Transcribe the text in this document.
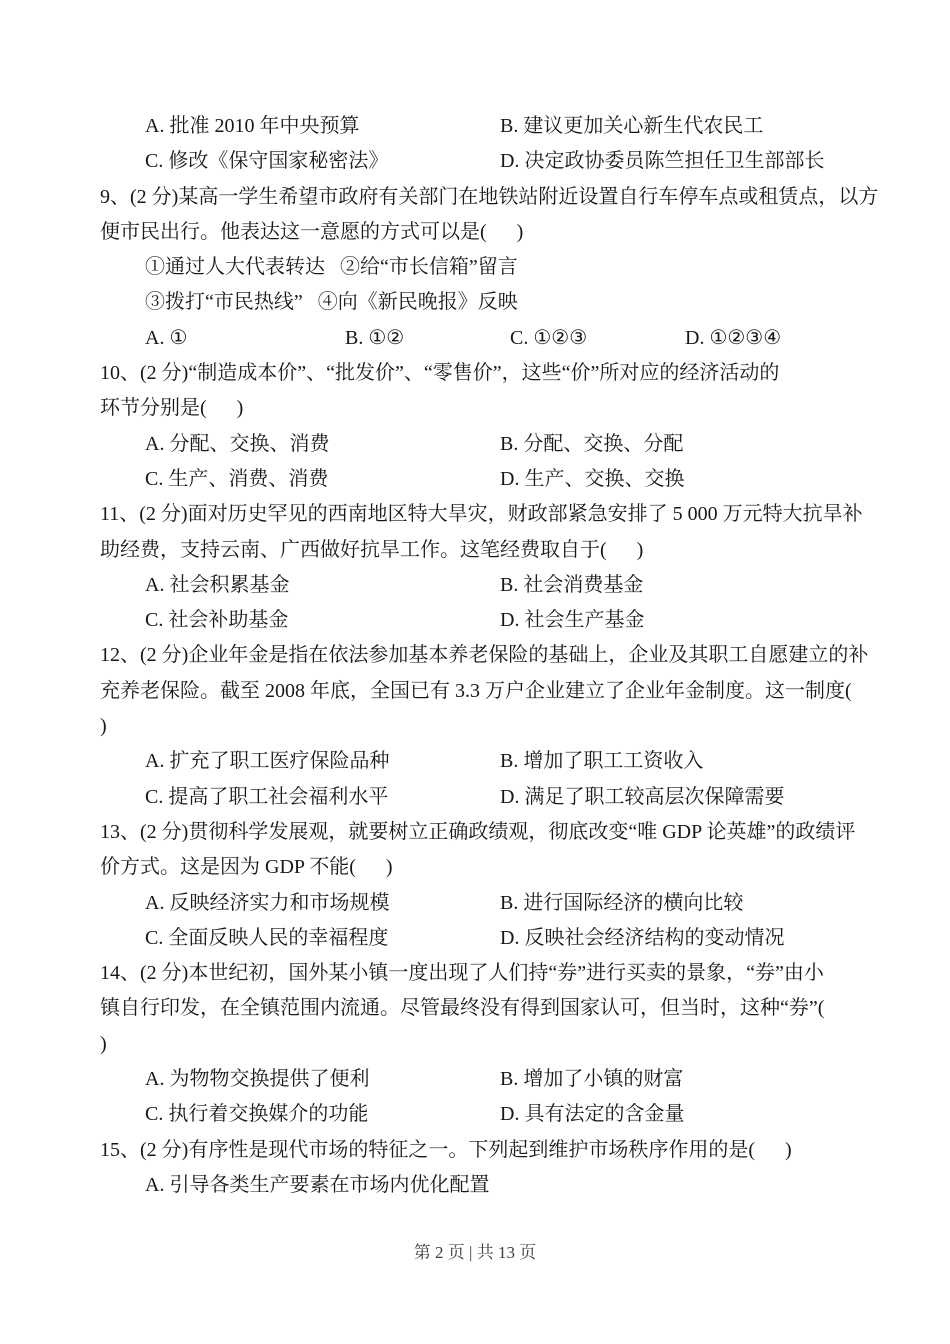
A. 批准 2010 年中央预算

	B. 建议更加关心新生代农民工

C. 修改《保守国家秘密法》

	D. 决定政协委员陈竺担任卫生部部长

9、(2 分)某高一学生希望市政府有关部门在地铁站附近设置自行车停车点或租赁点，以方
便市民出行。他表达这一意愿的方式可以是(      )
①通过人大代表转达   ②给“市长信箱”留言
③拨打“市民热线”   ④向《新民晚报》反映

A. ①

	B. ①②

	C. ①②③

	D. ①②③④

10、(2 分)“制造成本价”、“批发价”、“零售价”，这些“价”所对应的经济活动的
环节分别是(      )

A. 分配、交换、消费

	B. 分配、交换、分配

C. 生产、消费、消费

	D. 生产、交换、交换

11、(2 分)面对历史罕见的西南地区特大旱灾，财政部紧急安排了 5 000 万元特大抗旱补
助经费，支持云南、广西做好抗旱工作。这笔经费取自于(      )

A. 社会积累基金

	B. 社会消费基金

C. 社会补助基金

	D. 社会生产基金

12、(2 分)企业年金是指在依法参加基本养老保险的基础上，企业及其职工自愿建立的补
充养老保险。截至 2008 年底，全国已有 3.3 万户企业建立了企业年金制度。这一制度(
)

A. 扩充了职工医疗保险品种

	B. 增加了职工工资收入

C. 提高了职工社会福利水平

	D. 满足了职工较高层次保障需要

13、(2 分)贯彻科学发展观，就要树立正确政绩观，彻底改变“唯 GDP 论英雄”的政绩评
价方式。这是因为 GDP 不能(      )

A. 反映经济实力和市场规模

	B. 进行国际经济的横向比较

C. 全面反映人民的幸福程度

	D. 反映社会经济结构的变动情况

14、(2 分)本世纪初，国外某小镇一度出现了人们持“券”进行买卖的景象，“券”由小
镇自行印发，在全镇范围内流通。尽管最终没有得到国家认可，但当时，这种“券”(
)

A. 为物物交换提供了便利

	B. 增加了小镇的财富

C. 执行着交换媒介的功能

	D. 具有法定的含金量

15、(2 分)有序性是现代市场的特征之一。下列起到维护市场秩序作用的是(      )
A. 引导各类生产要素在市场内优化配置
第 2 页 | 共 13 页
